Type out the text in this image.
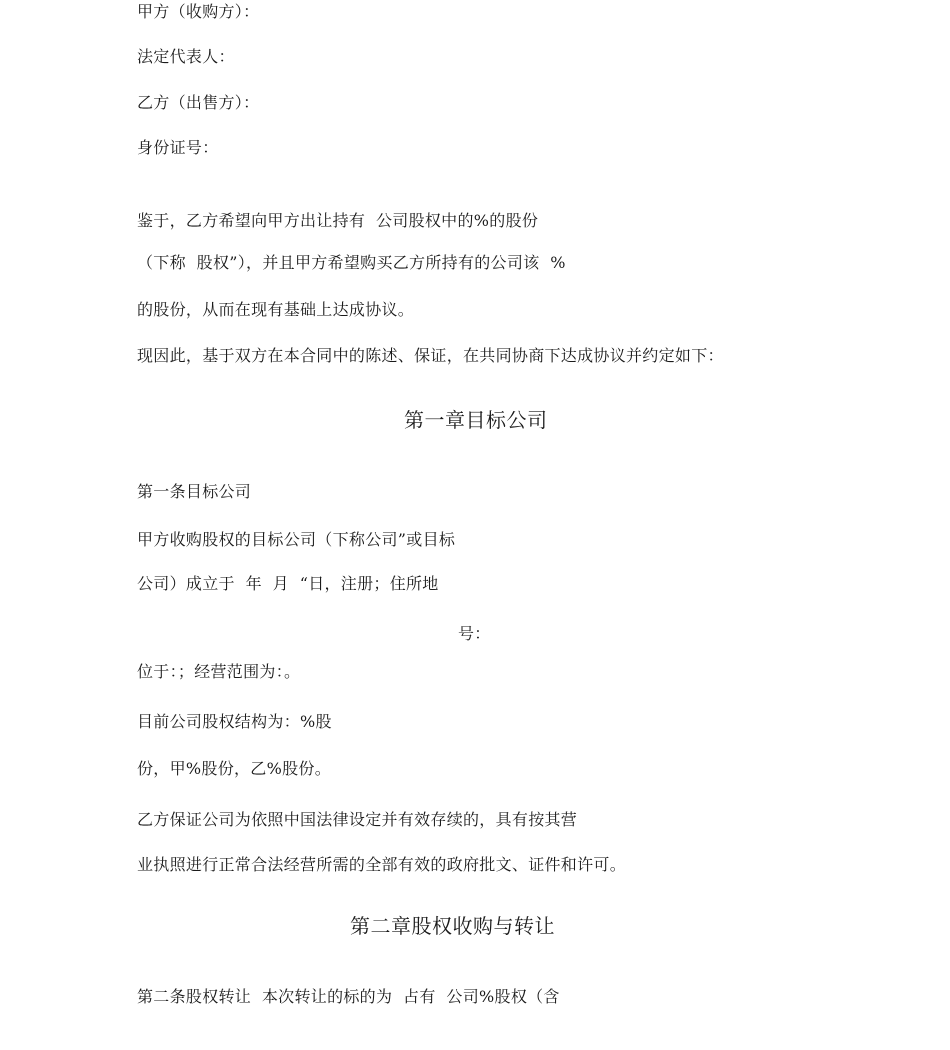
甲方（收购方）：
法定代表人：
乙方（出售方）：
身份证号：
鉴于，乙方希望向甲方出让持有  公司股权中的%的股份
（下称  股权”），并且甲方希望购买乙方所持有的公司该  %
的股份，从而在现有基础上达成协议。
现因此，基于双方在本合同中的陈述、保证，在共同协商下达成协议并约定如下：
第一章目标公司
第一条目标公司
甲方收购股权的目标公司（下称公司”或目标
公司）成立于  年  月  “日，注册；住所地
号：
位于：；经营范围为：。
目前公司股权结构为：%股
份，甲%股份，乙%股份。
乙方保证公司为依照中国法律设定并有效存续的，具有按其营
业执照进行正常合法经营所需的全部有效的政府批文、证件和许可。
第二章股权收购与转让
第二条股权转让  本次转让的标的为  占有  公司%股权（含
